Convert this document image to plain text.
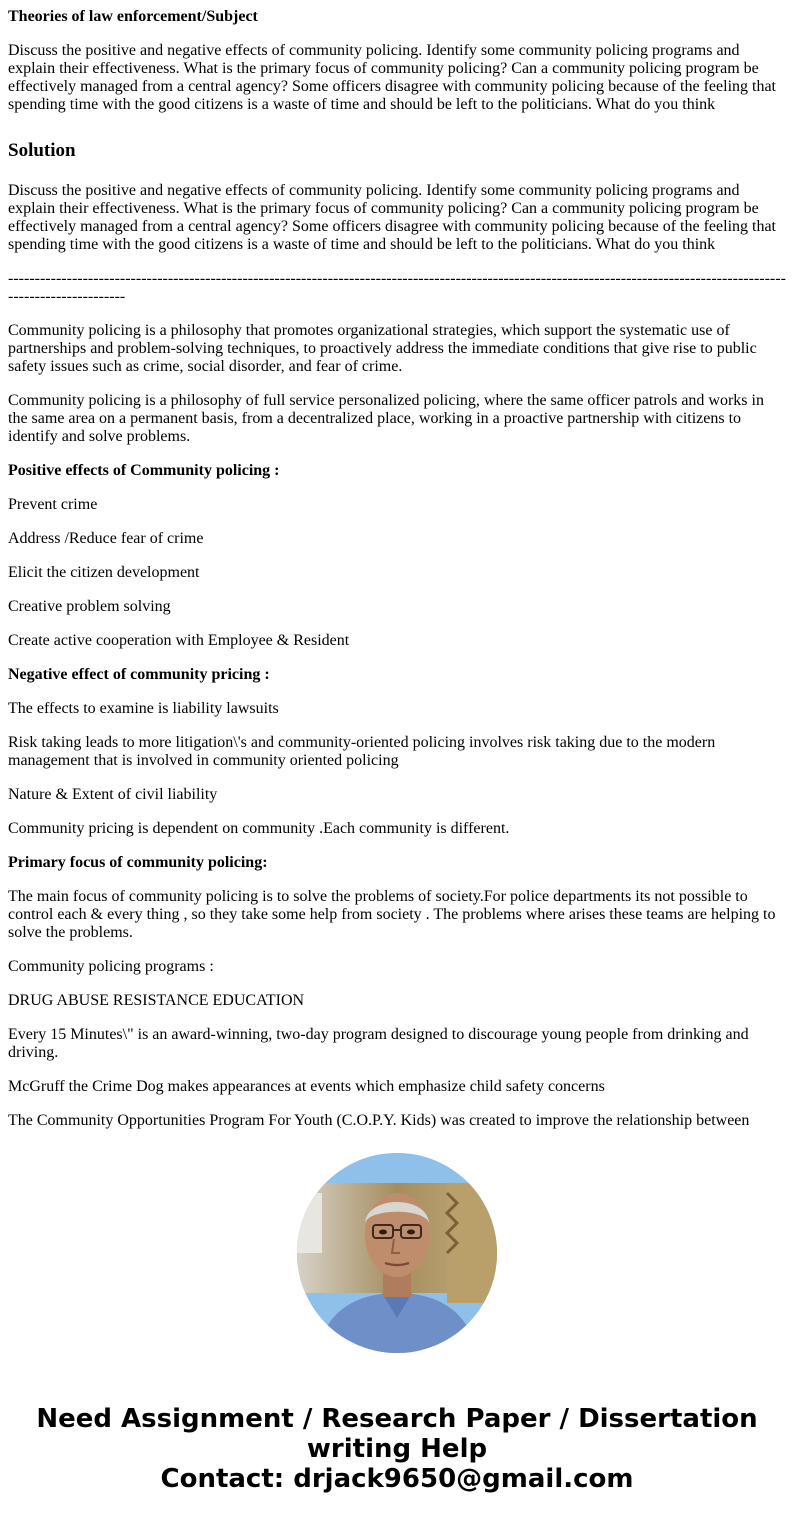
Theories of law enforcement/Subject

Discuss the positive and negative effects of community policing. Identify some community policing programs and explain their effectiveness. What is the primary focus of community policing? Can a community policing program be effectively managed from a central agency? Some officers disagree with community policing because of the feeling that spending time with the good citizens is a waste of time and should be left to the politicians. What do you think

Solution

Discuss the positive and negative effects of community policing. Identify some community policing programs and explain their effectiveness. What is the primary focus of community policing? Can a community policing program be effectively managed from a central agency? Some officers disagree with community policing because of the feeling that spending time with the good citizens is a waste of time and should be left to the politicians. What do you think

------------------------------------------------------------------------------------------------------------------------------------------------------------------------

Community policing is a philosophy that promotes organizational strategies, which support the systematic use of partnerships and problem-solving techniques, to proactively address the immediate conditions that give rise to public safety issues such as crime, social disorder, and fear of crime.

Community policing is a philosophy of full service personalized policing, where the same officer patrols and works in the same area on a permanent basis, from a decentralized place, working in a proactive partnership with citizens to identify and solve problems.

Positive effects of Community policing :

Prevent crime

Address /Reduce fear of crime

Elicit the citizen development

Creative problem solving

Create active cooperation with Employee & Resident

Negative effect of community pricing :

The effects to examine is liability lawsuits

Risk taking leads to more litigation\'s and community-oriented policing involves risk taking due to the modern management that is involved in community oriented policing

Nature & Extent of civil liability

Community pricing is dependent on community .Each community is different.

Primary focus of community policing:

The main focus of community policing is to solve the problems of society.For police departments its not possible to control each & every thing , so they take some help from society . The problems where arises these teams are helping to solve the problems.

Community policing programs :

DRUG ABUSE RESISTANCE EDUCATION

Every 15 Minutes\" is an award-winning, two-day program designed to discourage young people from drinking and driving.

McGruff the Crime Dog makes appearances at events which emphasize child safety concerns

The Community Opportunities Program For Youth (C.O.P.Y. Kids) was created to improve the relationship between

Need Assignment / Research Paper / Dissertation writing Help
Contact: drjack9650@gmail.com
